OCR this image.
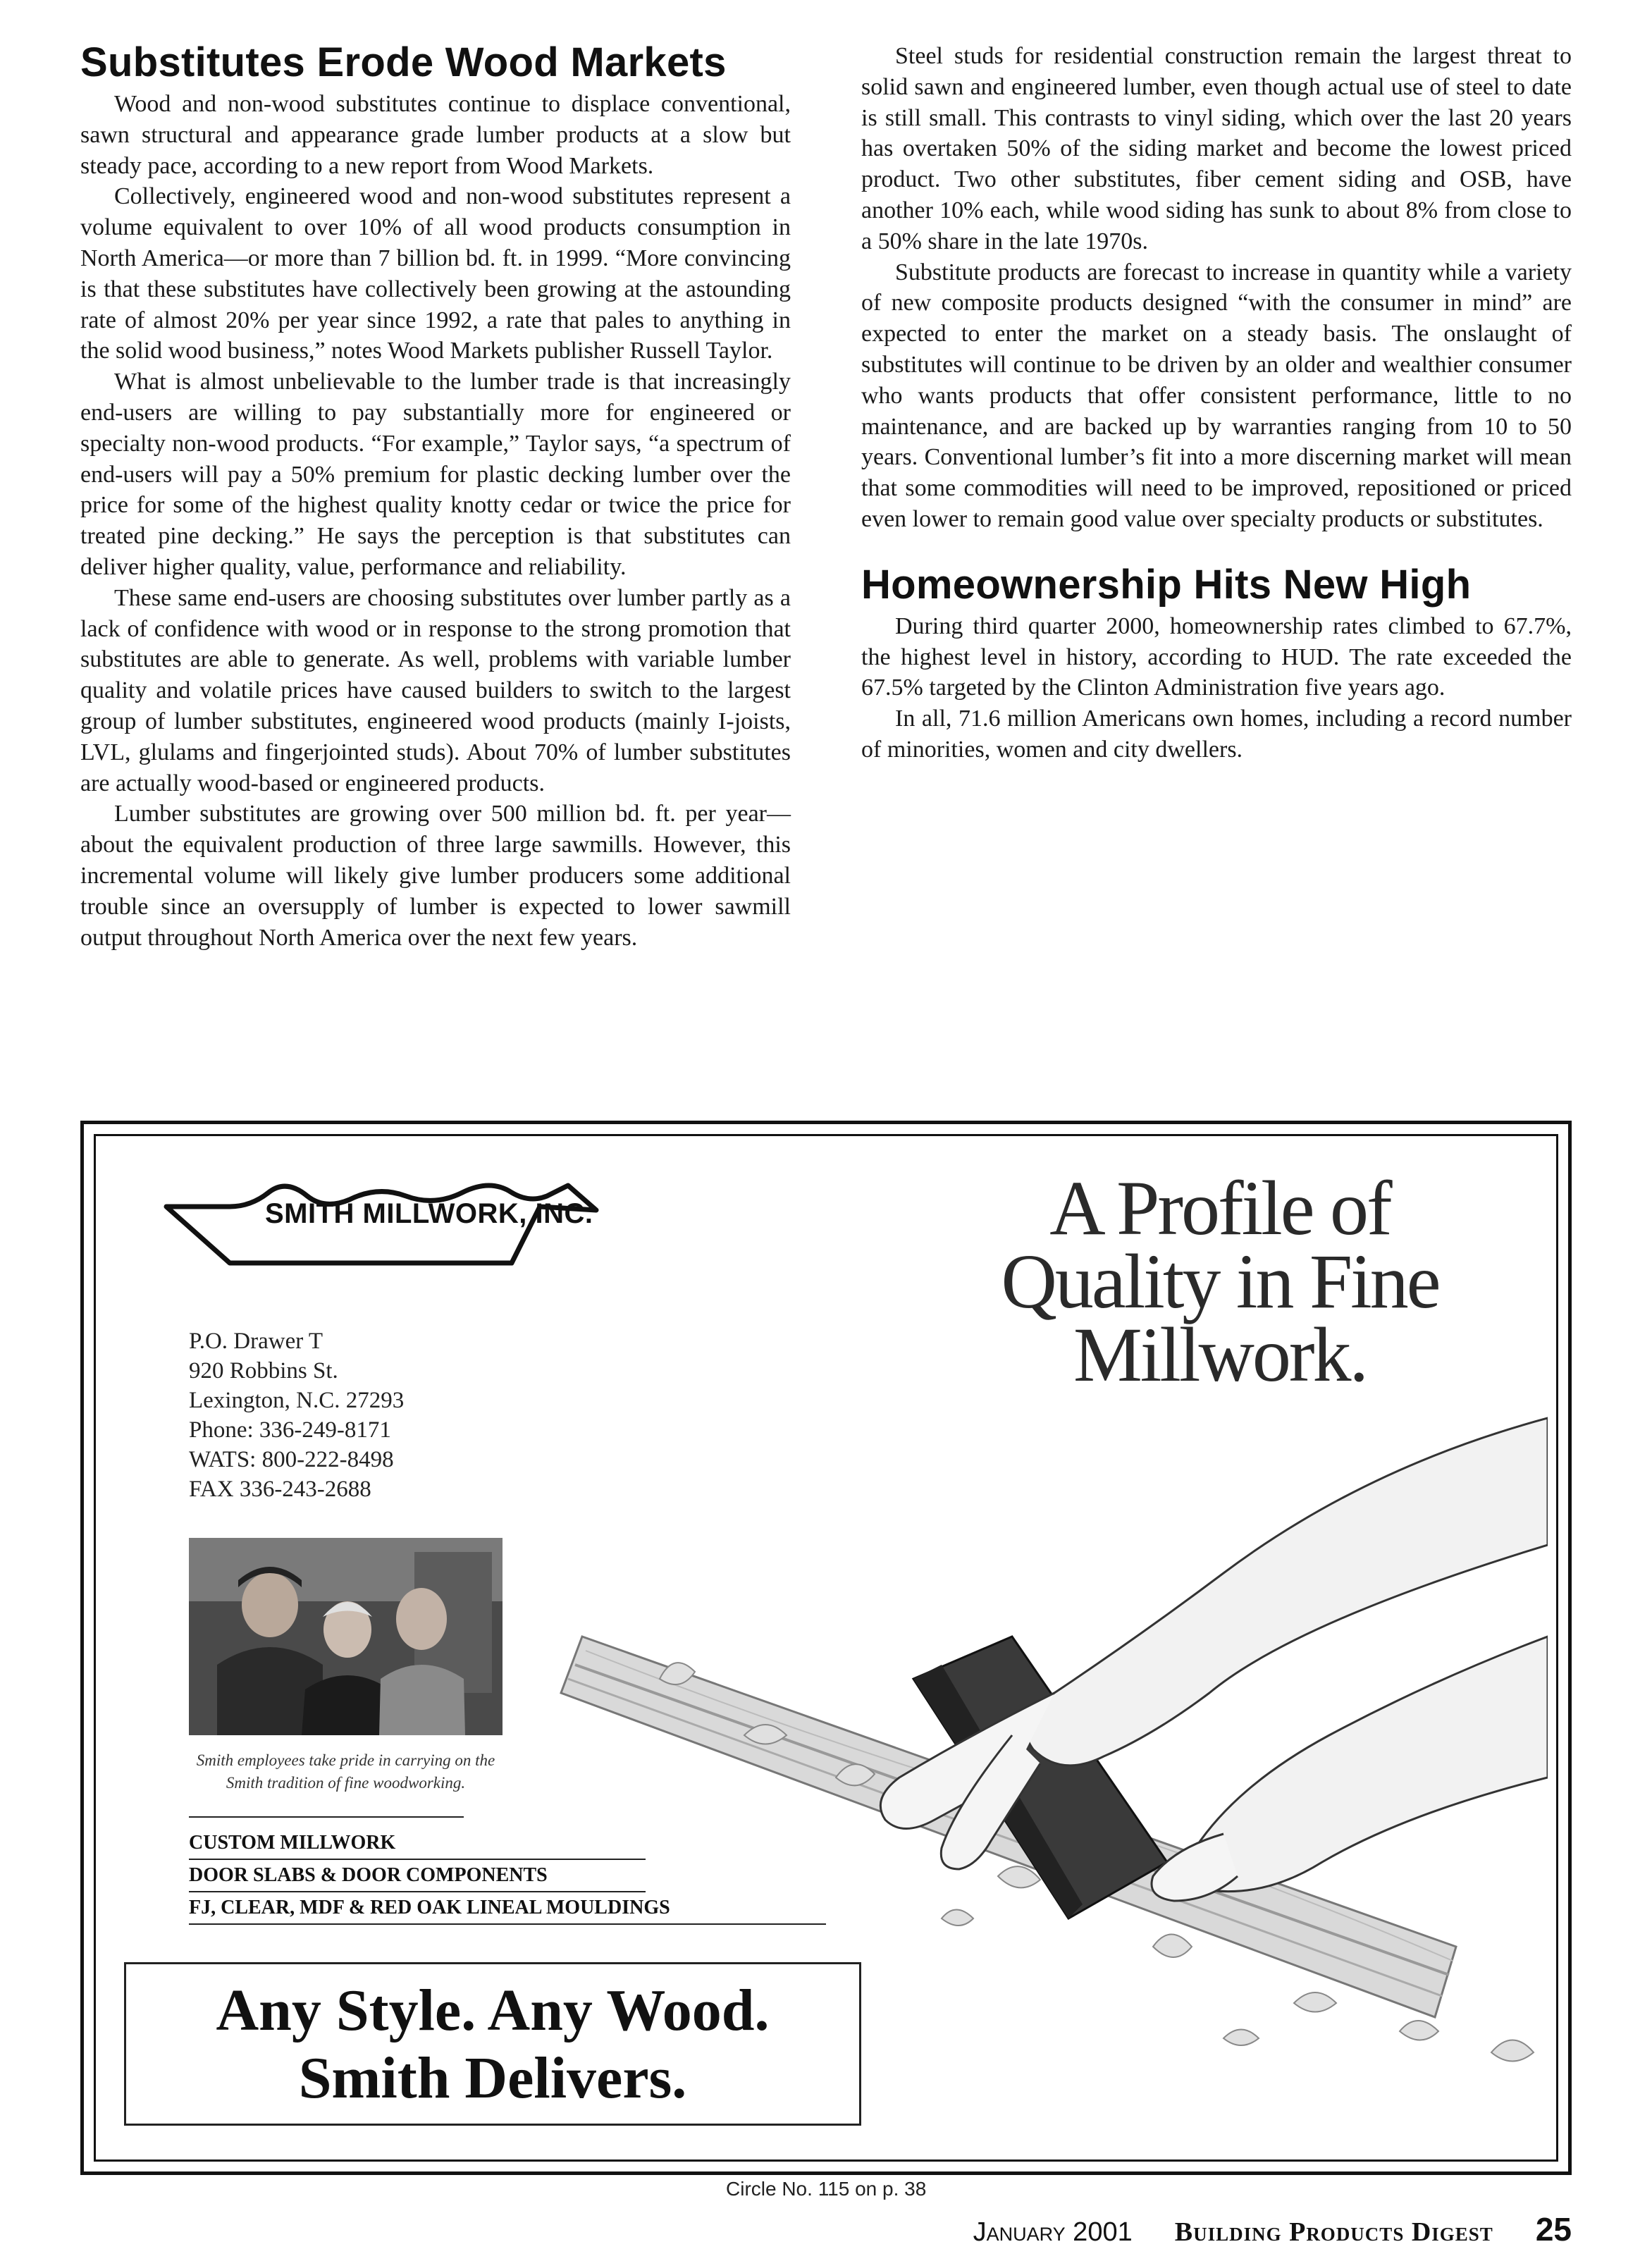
Substitutes Erode Wood Markets

Wood and non-wood substitutes continue to displace conventional, sawn structural and appearance grade lumber products at a slow but steady pace, according to a new report from Wood Markets.

Collectively, engineered wood and non-wood substitutes represent a volume equivalent to over 10% of all wood products consumption in North America—or more than 7 billion bd. ft. in 1999. “More convincing is that these substitutes have collectively been growing at the astounding rate of almost 20% per year since 1992, a rate that pales to anything in the solid wood business,” notes Wood Markets publisher Russell Taylor.

What is almost unbelievable to the lumber trade is that increasingly end-users are willing to pay substantially more for engineered or specialty non-wood products. “For example,” Taylor says, “a spectrum of end-users will pay a 50% premium for plastic decking lumber over the price for some of the highest quality knotty cedar or twice the price for treated pine decking.” He says the perception is that substitutes can deliver higher quality, value, performance and reliability.

These same end-users are choosing substitutes over lumber partly as a lack of confidence with wood or in response to the strong promotion that substitutes are able to generate. As well, problems with variable lumber quality and volatile prices have caused builders to switch to the largest group of lumber substitutes, engineered wood products (mainly I-joists, LVL, glulams and fingerjointed studs). About 70% of lumber substitutes are actually wood-based or engineered products.

Lumber substitutes are growing over 500 million bd. ft. per year—about the equivalent production of three large sawmills. However, this incremental volume will likely give lumber producers some additional trouble since an oversupply of lumber is expected to lower sawmill output throughout North America over the next few years.

Steel studs for residential construction remain the largest threat to solid sawn and engineered lumber, even though actual use of steel to date is still small. This contrasts to vinyl siding, which over the last 20 years has overtaken 50% of the siding market and become the lowest priced product. Two other substitutes, fiber cement siding and OSB, have another 10% each, while wood siding has sunk to about 8% from close to a 50% share in the late 1970s.

Substitute products are forecast to increase in quantity while a variety of new composite products designed “with the consumer in mind” are expected to enter the market on a steady basis. The onslaught of substitutes will continue to be driven by an older and wealthier consumer who wants products that offer consistent performance, little to no maintenance, and are backed up by warranties ranging from 10 to 50 years. Conventional lumber’s fit into a more discerning market will mean that some commodities will need to be improved, repositioned or priced even lower to remain good value over specialty products or substitutes.

Homeownership Hits New High

During third quarter 2000, homeownership rates climbed to 67.7%, the highest level in history, according to HUD. The rate exceeded the 67.5% targeted by the Clinton Administration five years ago.

In all, 71.6 million Americans own homes, including a record number of minorities, women and city dwellers.

SMITH MILLWORK, INC.
P.O. Drawer T
920 Robbins St.
Lexington, N.C. 27293
Phone: 336-249-8171
WATS: 800-222-8498
FAX 336-243-2688
Smith employees take pride in carrying on the Smith tradition of fine woodworking.
CUSTOM MILLWORK
DOOR SLABS & DOOR COMPONENTS
FJ, CLEAR, MDF & RED OAK LINEAL MOULDINGS
Any Style. Any Wood.
Smith Delivers.
A Profile of
Quality in Fine
Millwork.
Circle No. 115 on p. 38
January 2001 Building Products Digest 25
